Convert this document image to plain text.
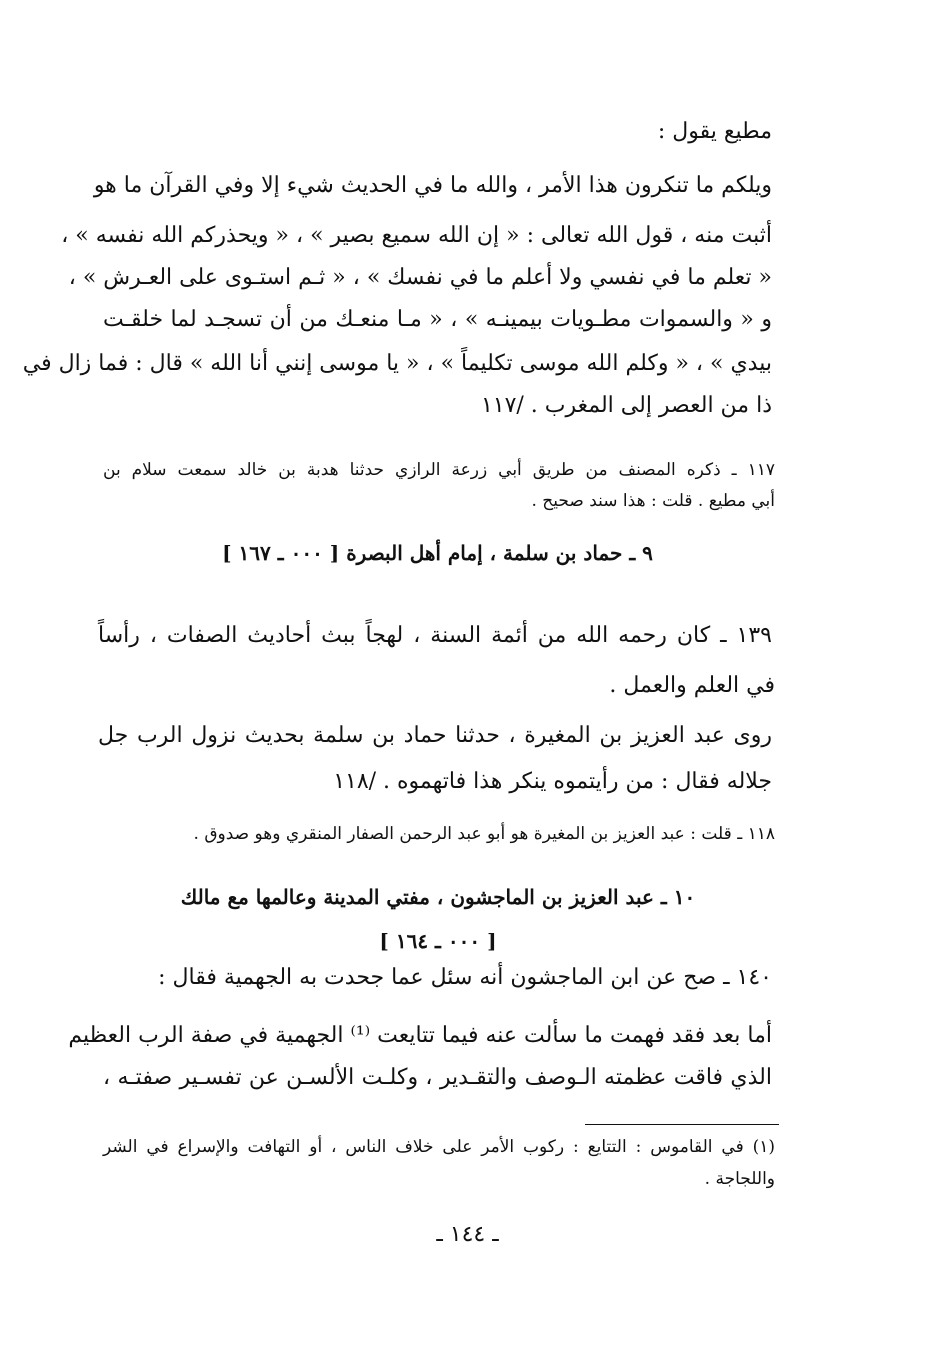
مطيع يقول :
ويلكم ما تنكرون هذا الأمر ، والله ما في الحديث شيء إلا وفي القرآن ما هو
أثبت منه ، قول الله تعالى : « إن الله سميع بصير » ، « ويحذركم الله نفسه » ،
« تعلم ما في نفسي ولا أعلم ما في نفسك » ، « ثـم استـوى على العـرش » ،
و « والسموات مطـويات بيمينـه » ، « مـا منعـك من أن تسجـد لما خلقـت
بيدي » ، « وكلم الله موسى تكليماً » ، « يا موسى إنني أنا الله » قال : فما زال في
ذا من العصر إلى المغرب . /١١٧
١١٧ ـ ذكره المصنف من طريق أبي زرعة الرازي حدثنا هدبة بن خالد سمعت سلام بن
أبي مطيع . قلت : هذا سند صحيح .
٩ ـ حماد بن سلمة ، إمام أهل البصرة [ ٠٠٠ ـ ١٦٧ ]
١٣٩ ـ كان رحمه الله من أئمة السنة ، لهجاً ببث أحاديث الصفات ، رأساً
في العلم والعمل .
روى عبد العزيز بن المغيرة ، حدثنا حماد بن سلمة بحديث نزول الرب جل
جلاله فقال : من رأيتموه ينكر هذا فاتهموه . /١١٨
١١٨ ـ قلت : عبد العزيز بن المغيرة هو أبو عبد الرحمن الصفار المنقري وهو صدوق .
١٠ ـ عبد العزيز بن الماجشون ، مفتي المدينة وعالمها مع مالك
[ ٠٠٠ ـ ١٦٤ ]
١٤٠ ـ صح عن ابن الماجشون أنه سئل عما جحدت به الجهمية فقال :
أما بعد فقد فهمت ما سألت عنه فيما تتايعت ⁽¹⁾ الجهمية في صفة الرب العظيم
الذي فاقت عظمته الـوصف والتقـدير ، وكلـت الألسـن عن تفسـير صفتـه ،
(١) في القاموس : التتايع : ركوب الأمر على خلاف الناس ، أو التهافت والإسراع في الشر
واللجاجة .
ـ ١٤٤ ـ
